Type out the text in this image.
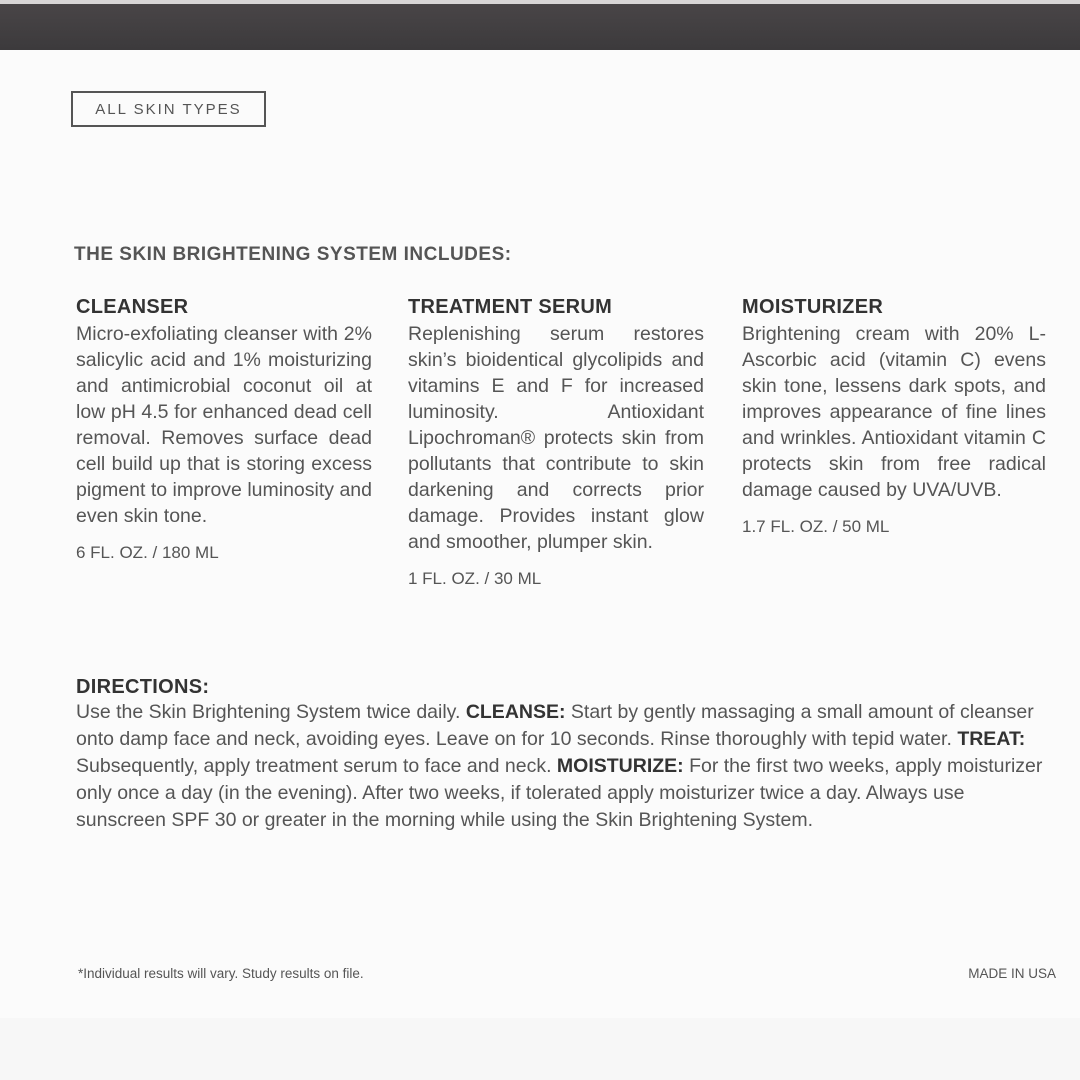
ALL SKIN TYPES
THE SKIN BRIGHTENING SYSTEM INCLUDES:
CLEANSER
Micro-exfoliating cleanser with 2% salicylic acid and 1% moisturizing and antimicrobial coconut oil at low pH 4.5 for enhanced dead cell removal. Removes surface dead cell build up that is storing excess pigment to improve luminosity and even skin tone.
6 FL. OZ. / 180 ML
TREATMENT SERUM
Replenishing serum restores skin’s bioidentical glycolipids and vitamins E and F for increased luminosity. Antioxidant Lipochroman® protects skin from pollutants that contribute to skin darkening and corrects prior damage. Provides instant glow and smoother, plumper skin.
1 FL. OZ. / 30 ML
MOISTURIZER
Brightening cream with 20% L-Ascorbic acid (vitamin C) evens skin tone, lessens dark spots, and improves appearance of fine lines and wrinkles. Antioxidant vitamin C protects skin from free radical damage caused by UVA/UVB.
1.7 FL. OZ. / 50 ML
DIRECTIONS:
Use the Skin Brightening System twice daily. CLEANSE: Start by gently massaging a small amount of cleanser onto damp face and neck, avoiding eyes. Leave on for 10 seconds. Rinse thoroughly with tepid water. TREAT: Subsequently, apply treatment serum to face and neck. MOISTURIZE: For the first two weeks, apply moisturizer only once a day (in the evening). After two weeks, if tolerated apply moisturizer twice a day. Always use sunscreen SPF 30 or greater in the morning while using the Skin Brightening System.
*Individual results will vary. Study results on file.	MADE IN USA
